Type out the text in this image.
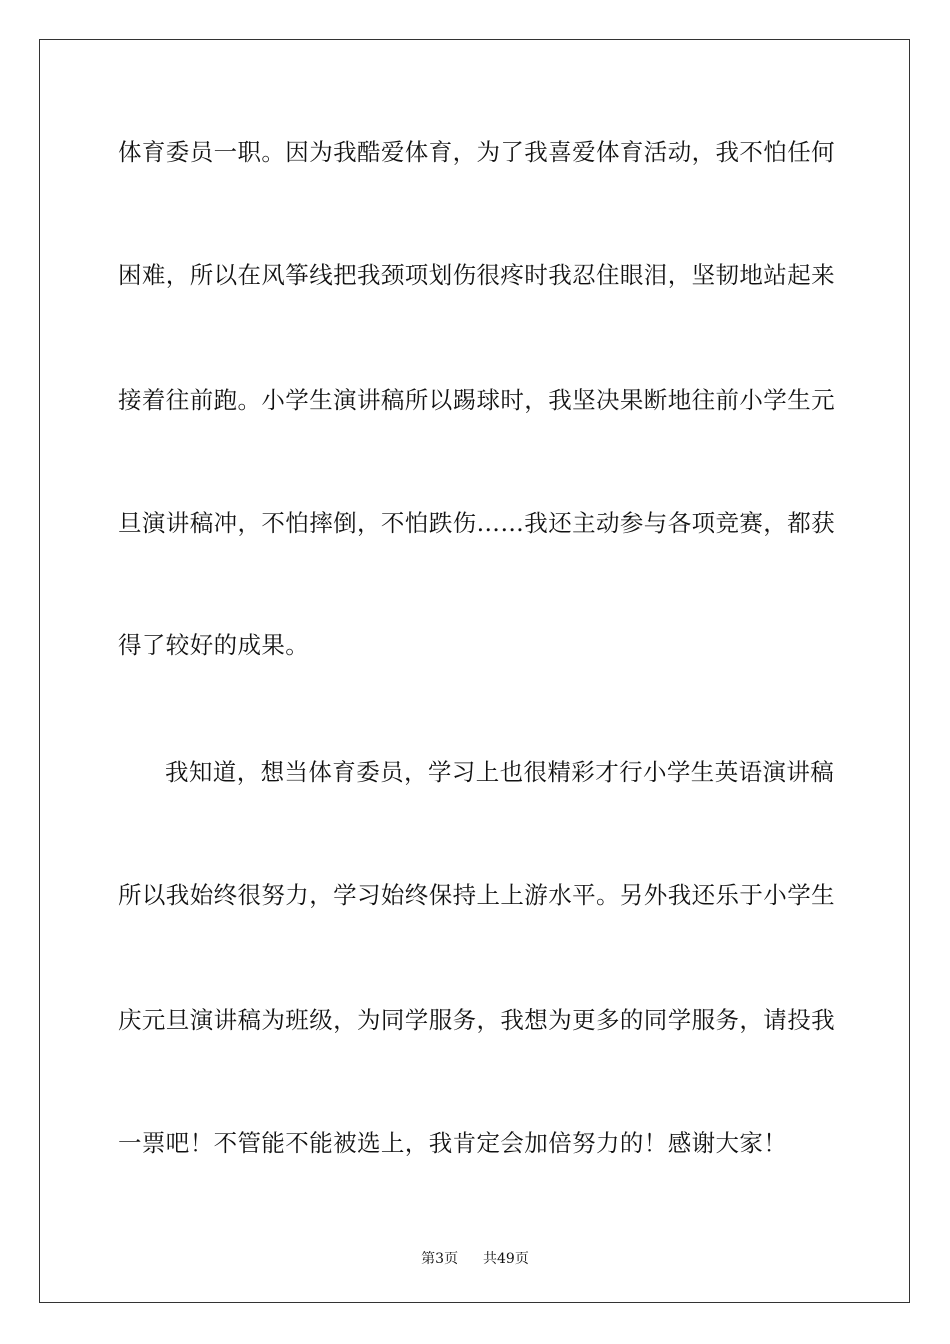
体育委员一职。因为我酷爱体育，为了我喜爱体育活动，我不怕任何
困难，所以在风筝线把我颈项划伤很疼时我忍住眼泪，坚韧地站起来
接着往前跑。小学生演讲稿所以踢球时，我坚决果断地往前小学生元
旦演讲稿冲，不怕摔倒，不怕跌伤……我还主动参与各项竞赛，都获
得了较好的成果。
我知道，想当体育委员，学习上也很精彩才行小学生英语演讲稿
所以我始终很努力，学习始终保持上上游水平。另外我还乐于小学生
庆元旦演讲稿为班级，为同学服务，我想为更多的同学服务，请投我
一票吧！不管能不能被选上，我肯定会加倍努力的！感谢大家！
第3页 共49页
